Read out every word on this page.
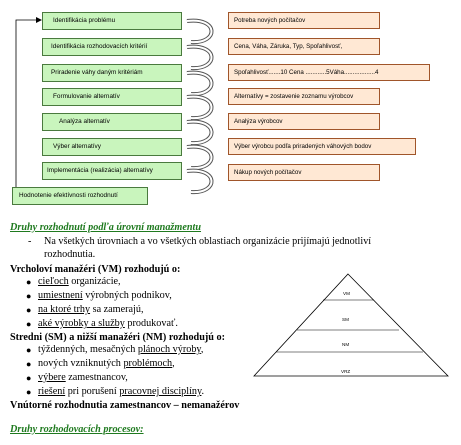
Identifikácia problému
Identifikácia rozhodovacích kritérií
Priradenie váhy daným kritériám
Formulovanie alternatív
Analýza alternatív
Výber alternatívy
Implementácia (realizácia) alternatívy
Hodnotenie efektívnosti rozhodnutí
Potreba nových počítačov
Cena, Váha, Záruka, Typ, Spoľahlivosť,
Spoľahlivosť.......10 Cena ............5Váha..................4
Alternatívy = zostavenie zoznamu výrobcov
Analýza výrobcov
Výber výrobcu podľa priradených váhových bodov
Nákup nových počítačov
Druhy rozhodnutí podľa úrovní manažmentu
- Na všetkých úrovniach a vo všetkých oblastiach organizácie prijímajú jednotliví
rozhodnutia.
Vrcholoví manažéri (VM) rozhodujú o:
● cieľoch organizácie,
● umiestnení výrobných podnikov,
● na ktoré trhy sa zamerajú,
● aké výrobky a služby produkovať.
Stredni (SM) a nižší manažéri (NM) rozhodujú o:
● týždenných, mesačných plánoch výroby,
● nových vzniknutých problémoch,
● výbere zamestnancov,
● riešení pri porušení pracovnej disciplíny.
Vnútorné rozhodnutia zamestnancov – nemanažérov
VM
SM
NM
VRZ
Druhy rozhodovacích procesov:
